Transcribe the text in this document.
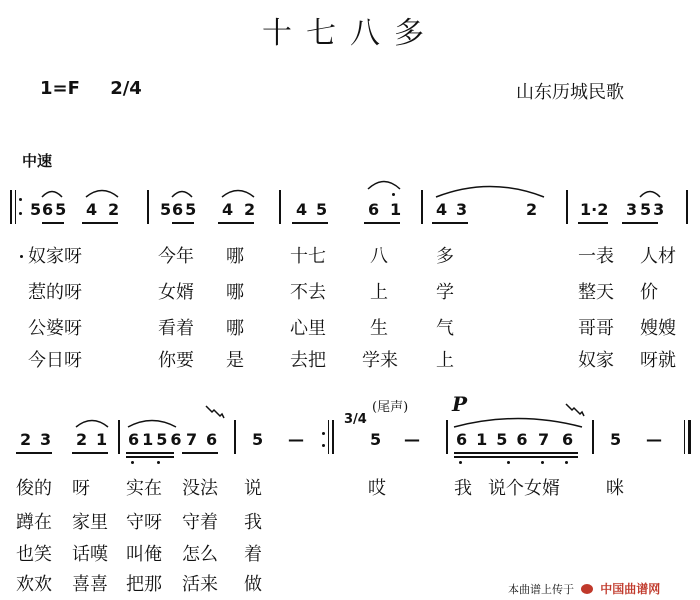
十七八多
1=F 2/4	山东历城民歌
中速
5 65 4 2	5 65 4 2	4 5	6 1 4 3	2	1·2 3 53
奴家呀	今年 哪	十七 八	多	一表 人材
惹的呀	女婿 哪	不去 上	学	整天 价
公婆呀	看着 哪	心里 生	气	哥哥 嫂嫂
今日呀	你要 是	去把 学来 上	奴家 呀就
(尾声) P
2 3 2 1 6156 7 6 5 —
3/4
5 — 6156 7 6 5 —
俊的 呀 实在 没法 说	哎	我 说个女婿	咪
蹲在 家里 守呀 守着 我
也笑 话嘆 叫俺 怎么 着
欢欢 喜喜 把那 活来 做	本曲谱上传于 中国曲谱网
